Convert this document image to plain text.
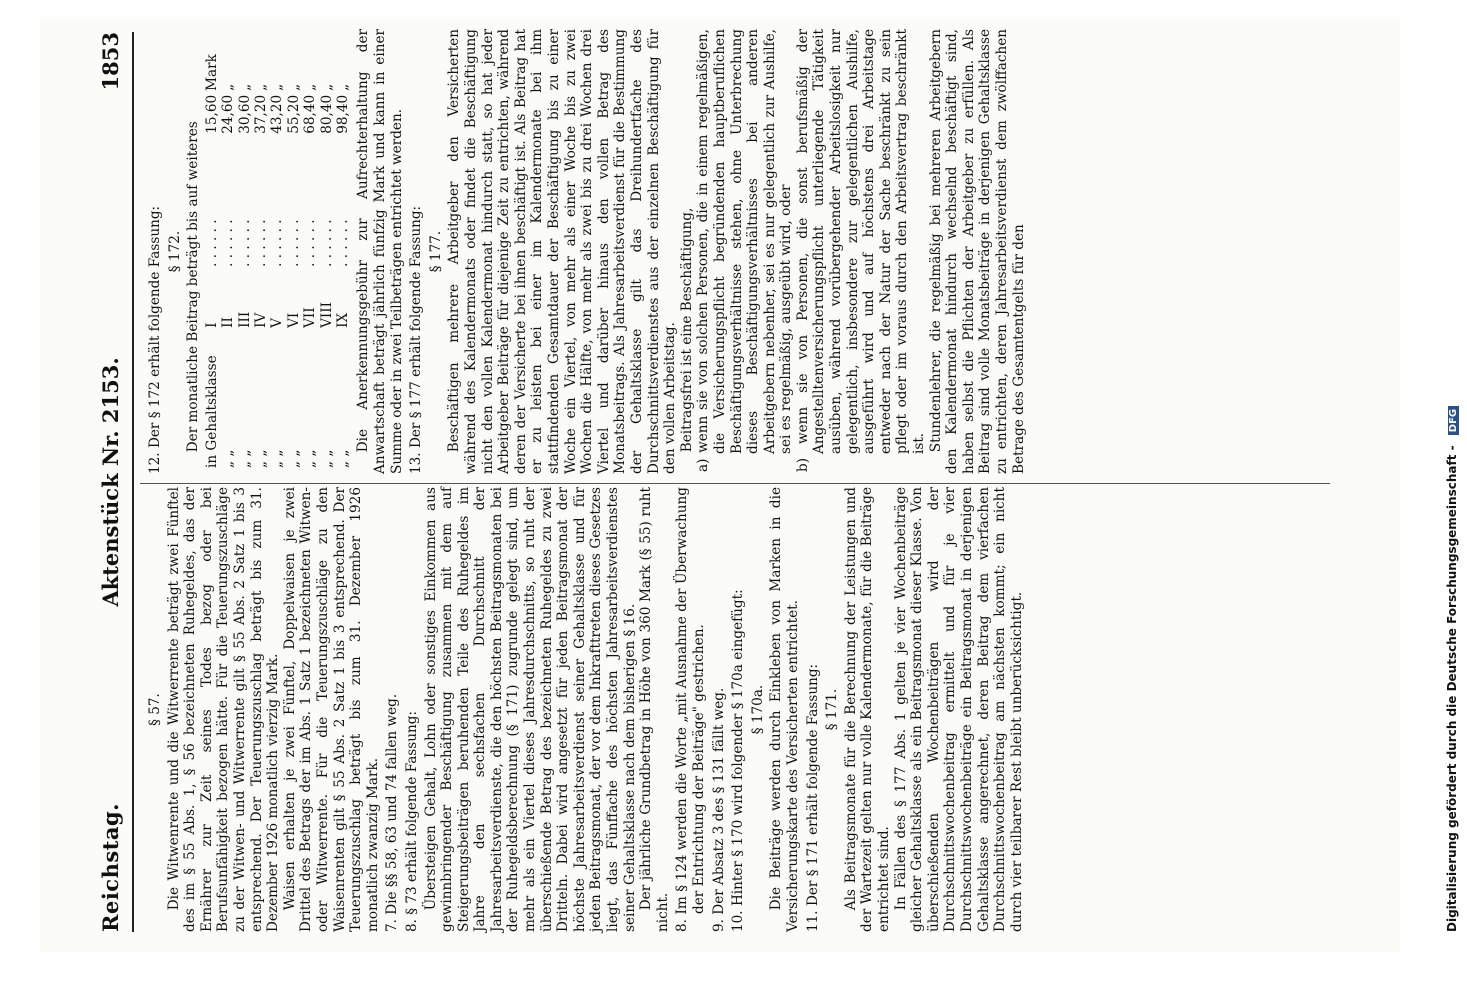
Reichstag.
Aktenstück Nr. 2153.
1853

§ 57. Die Witwenrente und die Witwerrente beträgt zwei Fünftel des im § 55 Abs. 1, § 56 bezeichneten Ruhegeldes, das der Ernährer zur Zeit seines Todes bezog oder bei Berufsunfähigkeit bezogen hätte. Für die Teuerungszuschläge zu der Witwen- und Witwerrente gilt § 55 Abs. 2 Satz 1 bis 3 entsprechend. Der Teuerungszuschlag beträgt bis zum 31. Dezember 1926 monatlich vierzig Mark. Waisen erhalten je zwei Fünftel, Doppelwaisen je zwei Drittel des Betrags der im Abs. 1 Satz 1 bezeichneten Witwen- oder Witwerrente. Für die Teuerungszuschläge zu den Waisenrenten gilt § 55 Abs. 2 Satz 1 bis 3 entsprechend. Der Teuerungszuschlag beträgt bis zum 31. Dezember 1926 monatlich zwanzig Mark. 7. Die §§ 58, 63 und 74 fallen weg. 8. § 73 erhält folgende Fassung: Übersteigen Gehalt, Lohn oder sonstiges Einkommen aus gewinnbringender Beschäftigung zusammen mit dem auf Steigerungsbeiträgen beruhenden Teile des Ruhegeldes im Jahre den sechsfachen Durchschnitt der Jahresarbeitsverdienste, die den höchsten Beitragsmonaten bei der Ruhegeldsberechnung (§ 171) zugrunde gelegt sind, um mehr als ein Viertel dieses Jahresdurchschnitts, so ruht der überschießende Betrag des bezeichneten Ruhegeldes zu zwei Dritteln. Dabei wird angesetzt für jeden Beitragsmonat der höchste Jahresarbeitsverdienst seiner Gehaltsklasse und für jeden Beitragsmonat, der vor dem Inkrafttreten dieses Gesetzes liegt, das Fünffache des höchsten Jahresarbeitsverdienstes seiner Gehaltsklasse nach dem bisherigen § 16. Der jährliche Grundbetrag in Höhe von 360 Mark (§ 55) ruht nicht. 8. Im § 124 werden die Worte „mit Ausnahme der Überwachung der Entrichtung der Beiträge" gestrichen. 9. Der Absatz 3 des § 131 fällt weg. 10. Hinter § 170 wird folgender § 170a eingefügt: § 170a. Die Beiträge werden durch Einkleben von Marken in die Versicherungskarte des Versicherten entrichtet. 11. Der § 171 erhält folgende Fassung: § 171. Als Beitragsmonate für die Berechnung der Leistungen und der Wartezeit gelten nur volle Kalendermonate, für die Beiträge entrichtet sind. In Fällen des § 177 Abs. 1 gelten je vier Wochenbeiträge gleicher Gehaltsklasse als ein Beitragsmonat dieser Klasse. Von überschießenden Wochenbeiträgen wird der Durchschnittswochenbeitrag ermittelt und für je vier Durchschnittswochenbeiträge ein Beitragsmonat in derjenigen Gehaltsklasse angerechnet, deren Beitrag dem vierfachen Durchschnittswochenbeitrag am nächsten kommt; ein nicht durch vier teilbarer Rest bleibt unberücksichtigt.

12. Der § 172 erhält folgende Fassung: § 172. Der monatliche Beitrag beträgt bis auf weiteres in Gehaltsklasse	I	. . . . . .	15,60	Mark
„ „	II	. . . . . .	24,60	„
„ „	III	. . . . . .	30,60	„
„ „	IV	. . . . . .	37,20	„
„ „	V	. . . . . .	43,20	„
„ „	VI	. . . . . .	55,20	„
„ „	VII	. . . . . .	68,40	„
„ „	VIII	. . . . . .	80,40	„
„ „	IX	. . . . . .	98,40	„ Die Anerkennungsgebühr zur Aufrechterhaltung der Anwartschaft beträgt jährlich fünfzig Mark und kann in einer Summe oder in zwei Teilbeträgen entrichtet werden. 13. Der § 177 erhält folgende Fassung: § 177. Beschäftigen mehrere Arbeitgeber den Versicherten während des Kalendermonats oder findet die Beschäftigung nicht den vollen Kalendermonat hindurch statt, so hat jeder Arbeitgeber Beiträge für diejenige Zeit zu entrichten, während deren der Versicherte bei ihnen beschäftigt ist. Als Beitrag hat er zu leisten bei einer im Kalendermonate bei ihm stattfindenden Gesamtdauer der Beschäftigung bis zu einer Woche ein Viertel, von mehr als einer Woche bis zu zwei Wochen die Hälfte, von mehr als zwei bis zu drei Wochen drei Viertel und darüber hinaus den vollen Betrag des Monatsbeitrags. Als Jahresarbeitsverdienst für die Bestimmung der Gehaltsklasse gilt das Dreihundertfache des Durchschnittsverdienstes aus der einzelnen Beschäftigung für den vollen Arbeitstag. Beitragsfrei ist eine Beschäftigung, a) wenn sie von solchen Personen, die in einem regelmäßigen, die Versicherungspflicht begründenden hauptberuflichen Beschäftigungsverhältnisse stehen, ohne Unterbrechung dieses Beschäftigungsverhältnisses bei anderen Arbeitgebern nebenher, sei es nur gelegentlich zur Aushilfe, sei es regelmäßig, ausgeübt wird, oder b) wenn sie von Personen, die sonst berufsmäßig der Angestelltenversicherungspflicht unterliegende Tätigkeit ausüben, während vorübergehender Arbeitslosigkeit nur gelegentlich, insbesondere zur gelegentlichen Aushilfe, ausgeführt wird und auf höchstens drei Arbeitstage entweder nach der Natur der Sache beschränkt zu sein pflegt oder im voraus durch den Arbeitsvertrag beschränkt ist. Stundenlehrer, die regelmäßig bei mehreren Arbeitgebern den Kalendermonat hindurch wechselnd beschäftigt sind, haben selbst die Pflichten der Arbeitgeber zu erfüllen. Als Beitrag sind volle Monatsbeiträge in derjenigen Gehaltsklasse zu entrichten, deren Jahresarbeitsverdienst dem zwölffachen Betrage des Gesamtentgelts für den

Digitalisierung gefördert durch die Deutsche Forschungsgemeinschaft - DFG
